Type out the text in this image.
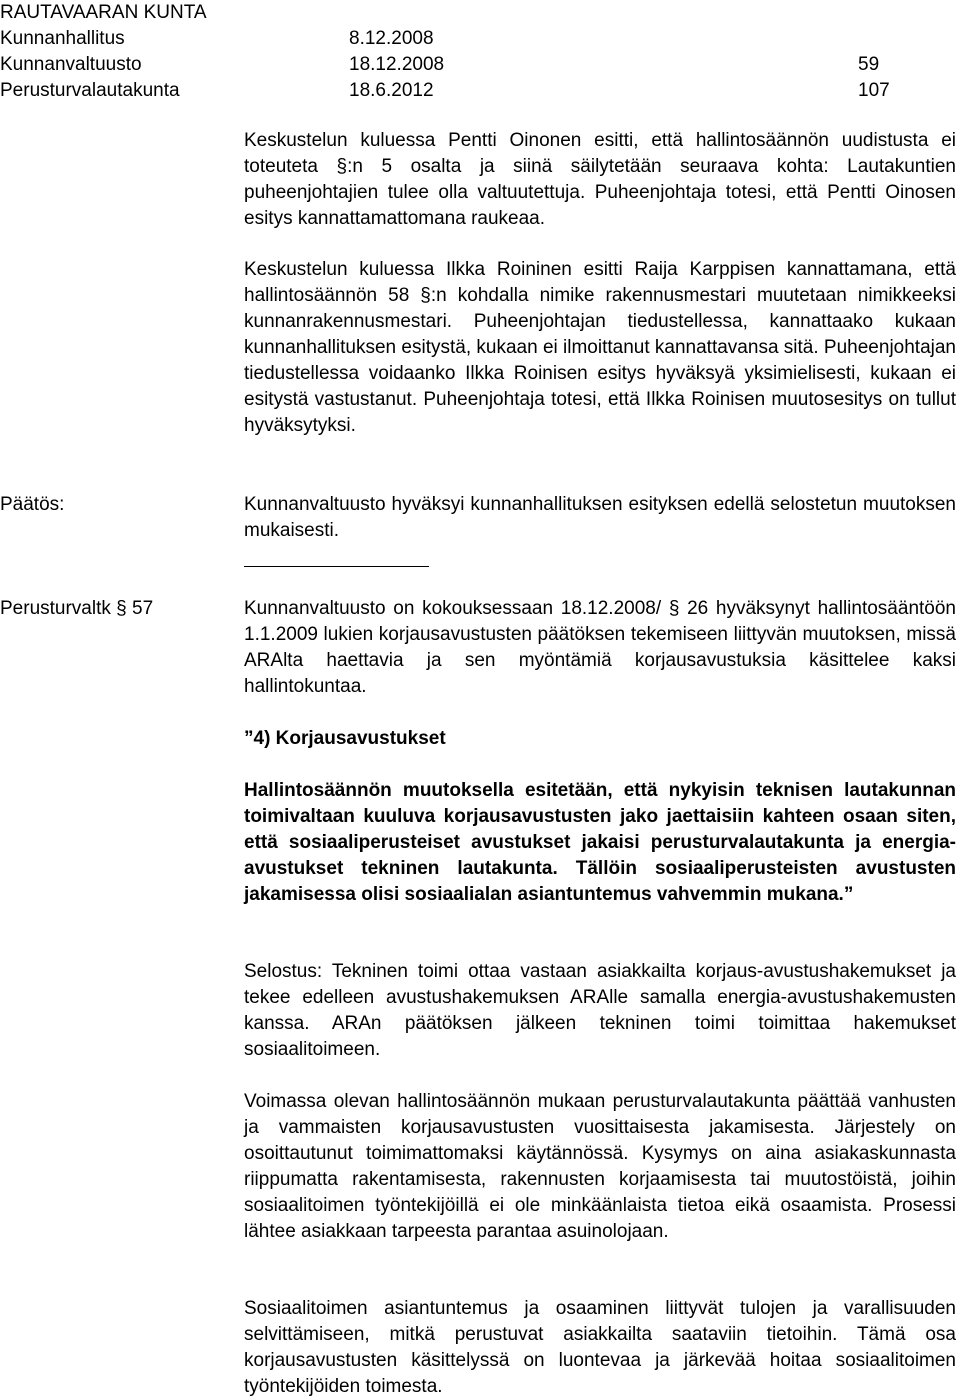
RAUTAVAARAN KUNTA
Kunnanhallitus	8.12.2008
Kunnanvaltuusto	18.12.2008	59
Perusturvalautakunta	18.6.2012	107

Keskustelun kuluessa Pentti Oinonen esitti, että hallintosäännön uudistusta ei toteuteta §:n 5 osalta ja siinä säilytetään seuraava kohta: Lautakuntien puheenjohtajien tulee olla valtuutettuja. Puheenjohtaja totesi, että Pentti Oinosen esitys kannattamattomana raukeaa.

Keskustelun kuluessa Ilkka Roininen esitti Raija Karppisen kannattamana, että hallintosäännön 58 §:n kohdalla nimike rakennusmestari muutetaan nimikkeeksi kunnanrakennusmestari. Puheenjohtajan tiedustellessa, kannattaako kukaan kunnanhallituksen esitystä, kukaan ei ilmoittanut kannattavansa sitä. Puheenjohtajan tiedustellessa voidaanko Ilkka Roinisen esitys hyväksyä yksimielisesti, kukaan ei esitystä vastustanut. Puheenjohtaja totesi, että Ilkka Roinisen muutosesitys on tullut hyväksytyksi.

Päätös:	Kunnanvaltuusto hyväksyi kunnanhallituksen esityksen edellä selostetun muutoksen mukaisesti.

Perusturvaltk § 57	Kunnanvaltuusto on kokouksessaan 18.12.2008/ § 26 hyväksynyt hallintosääntöön 1.1.2009 lukien korjausavustusten päätöksen tekemiseen liittyvän muutoksen, missä ARAlta haettavia ja sen myöntämiä korjausavustuksia käsittelee kaksi hallintokuntaa.

”4) Korjausavustukset

Hallintosäännön muutoksella esitetään, että nykyisin teknisen lautakunnan toimivaltaan kuuluva korjausavustusten jako jaettaisiin kahteen osaan siten, että sosiaaliperusteiset avustukset jakaisi perusturvalautakunta ja energia-avustukset tekninen lautakunta. Tällöin sosiaaliperusteisten avustusten jakamisessa olisi sosiaalialan asiantuntemus vahvemmin mukana.”

Selostus: Tekninen toimi ottaa vastaan asiakkailta korjaus-avustushakemukset ja tekee edelleen avustushakemuksen ARAlle samalla energia-avustushakemusten kanssa. ARAn päätöksen jälkeen tekninen toimi toimittaa hakemukset sosiaalitoimeen.

Voimassa olevan hallintosäännön mukaan perusturvalautakunta päättää vanhusten ja vammaisten korjausavustusten vuosittaisesta jakamisesta. Järjestely on osoittautunut toimimattomaksi käytännössä. Kysymys on aina asiakaskunnasta riippumatta rakentamisesta, rakennusten korjaamisesta tai muutostöistä, joihin sosiaalitoimen työntekijöillä ei ole minkäänlaista tietoa eikä osaamista. Prosessi lähtee asiakkaan tarpeesta parantaa asuinolojaan.

Sosiaalitoimen asiantuntemus ja osaaminen liittyvät tulojen ja varallisuuden selvittämiseen, mitkä perustuvat asiakkailta saataviin tietoihin. Tämä osa korjausavustusten käsittelyssä on luontevaa ja järkevää hoitaa sosiaalitoimen työntekijöiden toimesta.
